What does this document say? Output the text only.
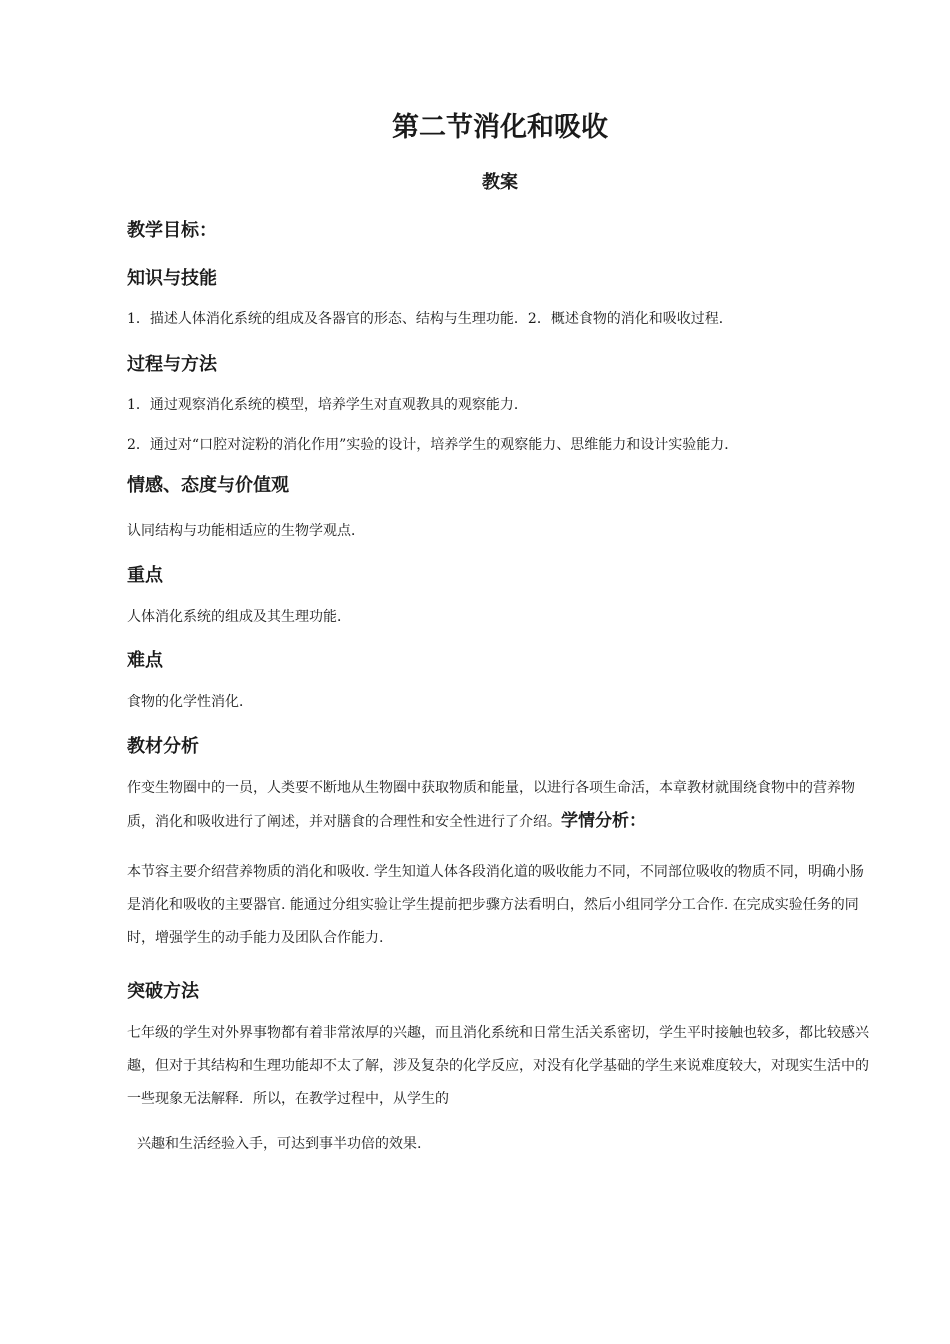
第二节消化和吸收
教案
教学目标：
知识与技能
1．描述人体消化系统的组成及各器官的形态、结构与生理功能．2．概述食物的消化和吸收过程．
过程与方法
1．通过观察消化系统的模型，培养学生对直观教具的观察能力．
2．通过对“口腔对淀粉的消化作用”实验的设计，培养学生的观察能力、思维能力和设计实验能力．
情感、态度与价值观
认同结构与功能相适应的生物学观点．
重点
人体消化系统的组成及其生理功能．
难点
食物的化学性消化．
教材分析
作变生物圈中的一员，人类要不断地从生物圈中获取物质和能量，以进行各项生命活，本章教材就围绕食物中的营养物质，消化和吸收进行了阐述，并对膳食的合理性和安全性进行了介绍。学情分析：
本节容主要介绍营养物质的消化和吸收. 学生知道人体各段消化道的吸收能力不同，不同部位吸收的物质不同，明确小肠是消化和吸收的主要器官. 能通过分组实验让学生提前把步骤方法看明白，然后小组同学分工合作. 在完成实验任务的同时，增强学生的动手能力及团队合作能力.
突破方法
七年级的学生对外界事物都有着非常浓厚的兴趣，而且消化系统和日常生活关系密切，学生平时接触也较多，都比较感兴趣，但对于其结构和生理功能却不太了解，涉及复杂的化学反应，对没有化学基础的学生来说难度较大，对现实生活中的一些现象无法解释．所以，在教学过程中，从学生的
兴趣和生活经验入手，可达到事半功倍的效果.
